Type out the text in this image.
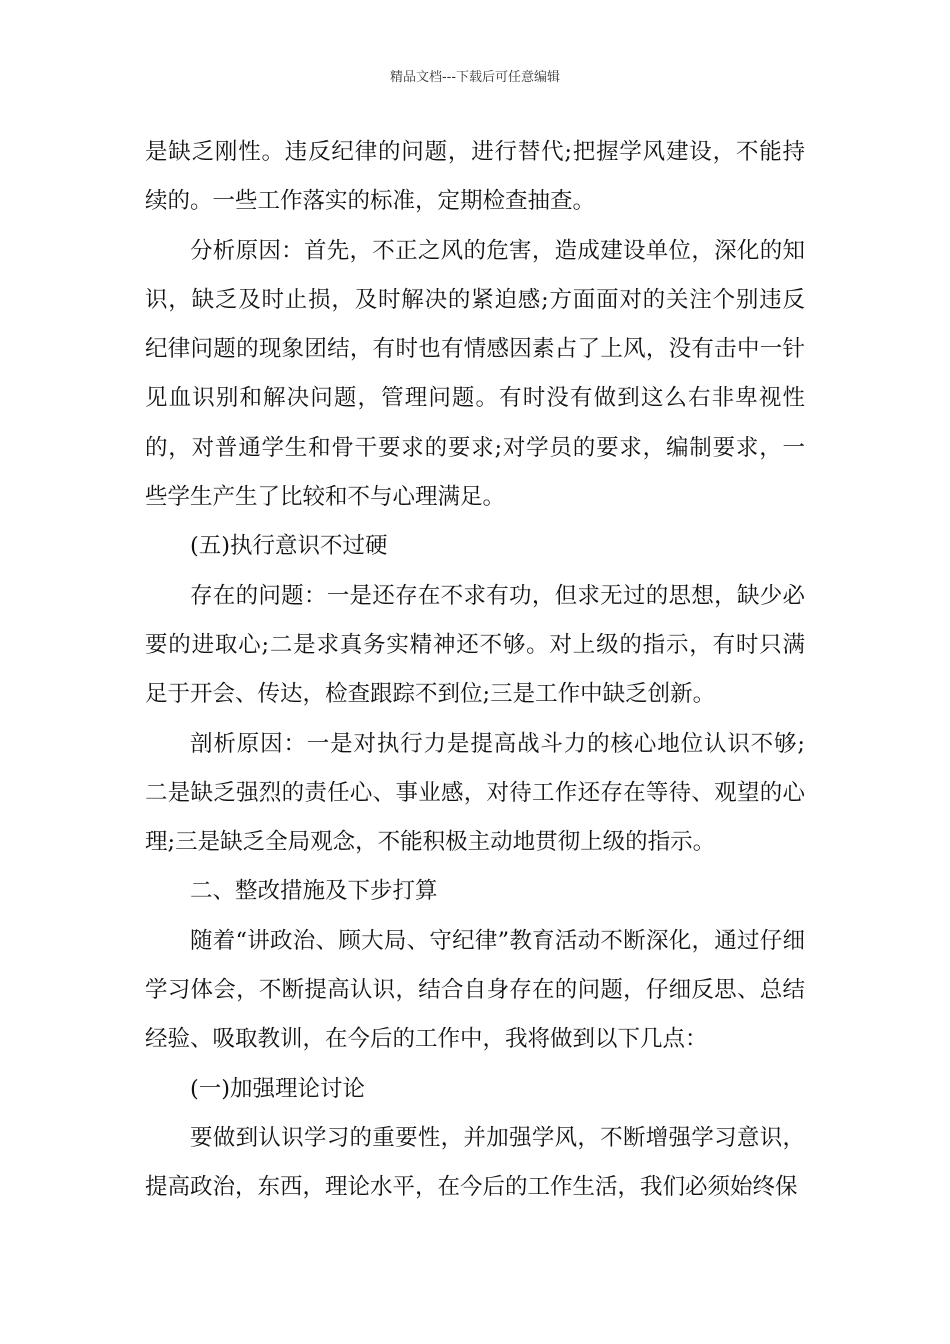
精品文档---下载后可任意编辑

是缺乏刚性。违反纪律的问题，进行替代;把握学风建设，不能持续的。一些工作落实的标准，定期检查抽查。

分析原因：首先，不正之风的危害，造成建设单位，深化的知识，缺乏及时止损，及时解决的紧迫感;方面面对的关注个别违反纪律问题的现象团结，有时也有情感因素占了上风，没有击中一针见血识别和解决问题，管理问题。有时没有做到这么右非卑视性的，对普通学生和骨干要求的要求;对学员的要求，编制要求，一些学生产生了比较和不与心理满足。

(五)执行意识不过硬

存在的问题：一是还存在不求有功，但求无过的思想，缺少必要的进取心;二是求真务实精神还不够。对上级的指示，有时只满足于开会、传达，检查跟踪不到位;三是工作中缺乏创新。

剖析原因：一是对执行力是提高战斗力的核心地位认识不够;二是缺乏强烈的责任心、事业感，对待工作还存在等待、观望的心理;三是缺乏全局观念，不能积极主动地贯彻上级的指示。

二、整改措施及下步打算

随着“讲政治、顾大局、守纪律”教育活动不断深化，通过仔细学习体会，不断提高认识，结合自身存在的问题，仔细反思、总结经验、吸取教训，在今后的工作中，我将做到以下几点：

(一)加强理论讨论

要做到认识学习的重要性，并加强学风，不断增强学习意识，提高政治，东西，理论水平，在今后的工作生活，我们必须始终保
